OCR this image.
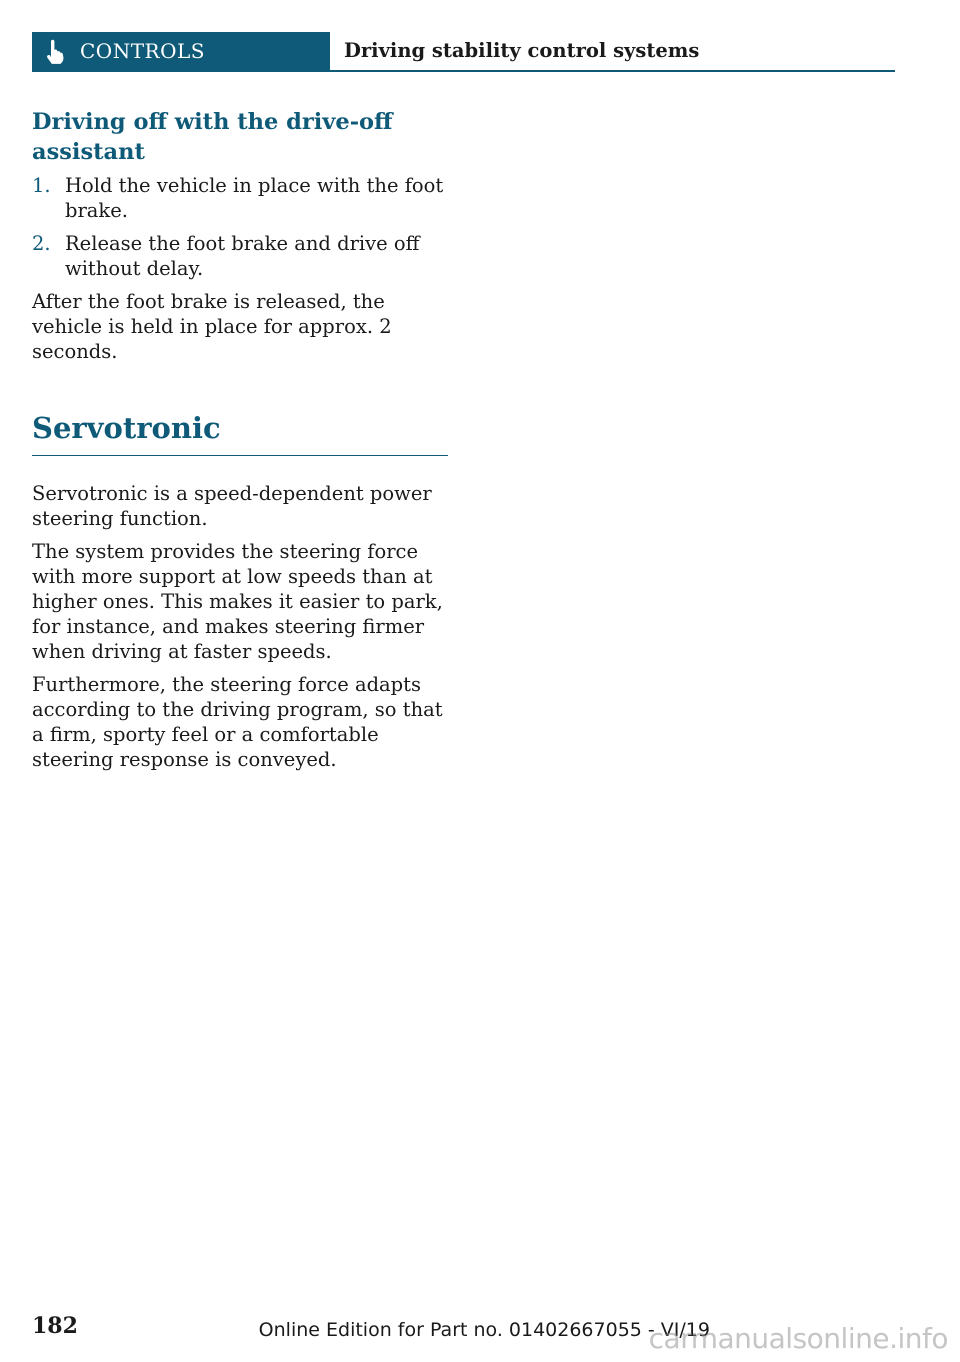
CONTROLS	Driving stability control systems
Driving off with the drive-off assistant
1. Hold the vehicle in place with the foot brake.
2. Release the foot brake and drive off without delay.

After the foot brake is released, the vehicle is held in place for approx. 2 seconds.

Servotronic

Servotronic is a speed-dependent power steering function.

The system provides the steering force with more support at low speeds than at higher ones. This makes it easier to park, for instance, and makes steering firmer when driving at faster speeds.

Furthermore, the steering force adapts according to the driving program, so that a firm, sporty feel or a comfortable steering response is conveyed.

182	Online Edition for Part no. 01402667055 - VI/19
carmanualsonline.info
